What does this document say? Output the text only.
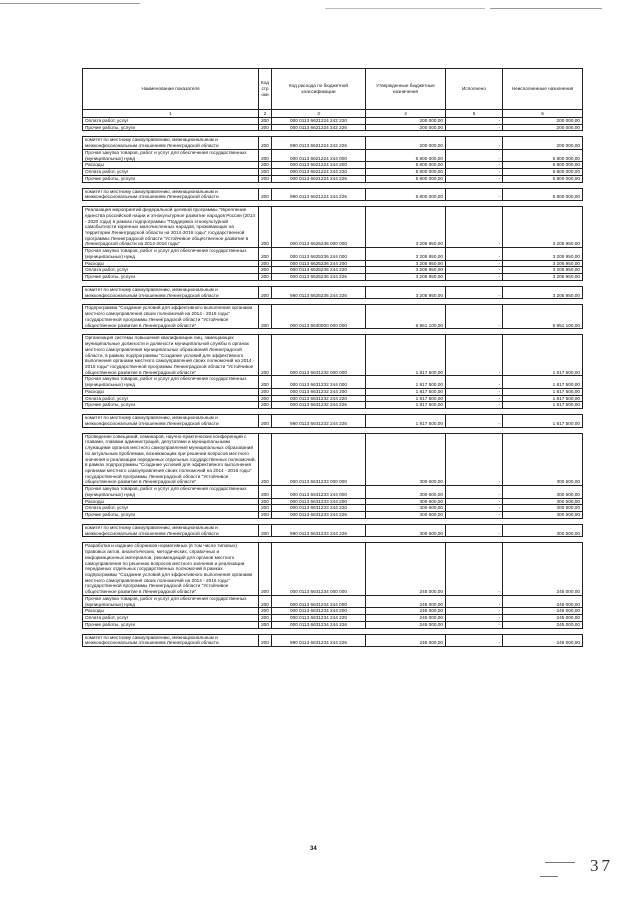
Наименование показателя	Код строки	Код расхода по бюджетной классификации	Утвержденные бюджетные назначения	Исполнено	Неисполненные назначения
1	2	3	4	5	6
Оплата работ, услуг	200	000 0113 6621224 242 220	200 000,00	-	200 000,00
Прочие работы, услуги	200	000 0113 6621224 242 226	200 000,00	-	200 000,00

комитет по местному самоуправлению, межнациональным и межконфессиональным отношениям Ленинградской области	200	990 0113 6621224 242 226	200 000,00	-	200 000,00
Прочая закупка товаров, работ и услуг для обеспечения государственных (муниципальных) нужд	200	000 0113 6621224 244 000	5 800 000,00	-	5 800 000,00
Расходы	200	000 0113 6621224 244 200	5 800 000,00	-	5 800 000,00
Оплата работ, услуг	200	000 0113 6621224 244 220	5 800 000,00	-	5 800 000,00
Прочие работы, услуги	200	000 0113 6621224 244 226	5 800 000,00	-	5 800 000,00

комитет по местному самоуправлению, межнациональным и межконфессиональным отношениям Ленинградской области	200	990 0113 6621224 244 226	5 800 000,00	-	5 800 000,00

Реализация мероприятий федеральной целевой программы "Укрепление единства российской нации и этнокультурное развитие народов России (2014 - 2020 годы) в рамках подпрограммы "Поддержка этнокультурной самобытности коренных малочисленных народов, проживающих на территории Ленинградской области на 2014-2016 годы" государственной программы Ленинградской области "Устойчивое общественное развитие в Ленинградской области на 2014-2016 годы"	200	000 0113 6625236 000 000	3 205 950,00	-	3 205 950,00
Прочая закупка товаров, работ и услуг для обеспечения государственных (муниципальных) нужд	200	000 0113 6625236 244 000	3 205 950,00	-	3 205 950,00
Расходы	200	000 0113 6625236 244 200	3 205 950,00	-	3 205 950,00
Оплата работ, услуг	200	000 0113 6625236 244 220	3 205 950,00	-	3 205 950,00
Прочие работы, услуги	200	000 0113 6625236 244 226	3 205 950,00	-	3 205 950,00

комитет по местному самоуправлению, межнациональным и межконфессиональным отношениям Ленинградской области	200	990 0113 6625236 244 226	3 205 950,00	-	3 205 950,00

Подпрограмма "Создание условий для эффективного выполнения органами местного самоуправления своих полномочий на 2014 - 2016 годы" государственной программы Ленинградской области "Устойчивое общественное развитие в Ленинградской области"	200	000 0113 6630000 000 000	6 951 100,00	-	6 951 100,00

Организация системы повышения квалификации лиц, замещающих муниципальные должности и должности муниципальной службы в органах местного самоуправления муниципальных образований Ленинградской области, в рамках подпрограммы "Создание условий для эффективного выполнения органами местного самоуправления своих полномочий на 2014 - 2016 годы" государственной программы Ленинградской области "Устойчивое общественное развитие в Ленинградской области"	200	000 0113 6631232 000 000	1 817 500,00	-	1 817 500,00
Прочая закупка товаров, работ и услуг для обеспечения государственных (муниципальных) нужд	200	000 0113 6631232 244 000	1 817 500,00	-	1 817 500,00
Расходы	200	000 0113 6631232 244 200	1 817 500,00	-	1 817 500,00
Оплата работ, услуг	200	000 0113 6631232 244 220	1 817 500,00	-	1 817 500,00
Прочие работы, услуги	200	000 0113 6631232 244 226	1 817 500,00	-	1 817 500,00

комитет по местному самоуправлению, межнациональным и межконфессиональным отношениям Ленинградской области	200	990 0113 6631232 244 226	1 817 500,00	-	1 817 500,00

Проведение совещаний, семинаров, научно-практических конференций с главами, главами администраций, депутатами и муниципальными служащими органов местного самоуправления муниципальных образований по актуальным проблемам, возникающим при решении вопросов местного значения и реализации переданных отдельных государственных полномочий, в рамках подпрограммы "Создание условий для эффективного выполнения органами местного самоуправления своих полномочий на 2014 - 2016 годы" государственной программы Ленинградской области "Устойчивое общественное развитие в Ленинградской области"	200	000 0113 6631233 000 000	300 600,00	-	300 600,00
Прочая закупка товаров, работ и услуг для обеспечения государственных (муниципальных) нужд	200	000 0113 6631233 244 000	300 600,00	-	300 600,00
Расходы	200	000 0113 6631233 244 200	300 600,00	-	300 600,00
Оплата работ, услуг	200	000 0113 6631233 244 220	300 600,00	-	300 600,00
Прочие работы, услуги	200	000 0113 6631233 244 226	300 600,00	-	300 600,00

комитет по местному самоуправлению, межнациональным и межконфессиональным отношениям Ленинградской области	200	990 0113 6631233 244 226	300 600,00	-	300 600,00

Разработка и издание сборников нормативных (в том числе типовых) правовых актов, аналитических, методических, справочных и информационных материалов, рекомендаций для органов местного самоуправления по решению вопросов местного значения и реализации переданных отдельных государственных полномочий в рамках подпрограммы "Создание условий для эффективного выполнения органами местного самоуправления своих полномочий на 2014 - 2016 годы" государственной программы Ленинградской области "Устойчивое общественное развитие в Ленинградской области"	200	000 0113 6631234 000 000	245 000,00	-	245 000,00
Прочая закупка товаров, работ и услуг для обеспечения государственных (муниципальных) нужд	200	000 0113 6631234 244 000	245 000,00	-	245 000,00
Расходы	200	000 0113 6631234 244 200	245 000,00	-	245 000,00
Оплата работ, услуг	200	000 0113 6631234 244 220	245 000,00	-	245 000,00
Прочие работы, услуги	200	000 0113 6631234 244 226	245 000,00	-	245 000,00

комитет по местному самоуправлению, межнациональным и межконфессиональным отношениям Ленинградской области	200	990 0113 6631234 244 226	245 000,00	-	245 000,00
34
37
